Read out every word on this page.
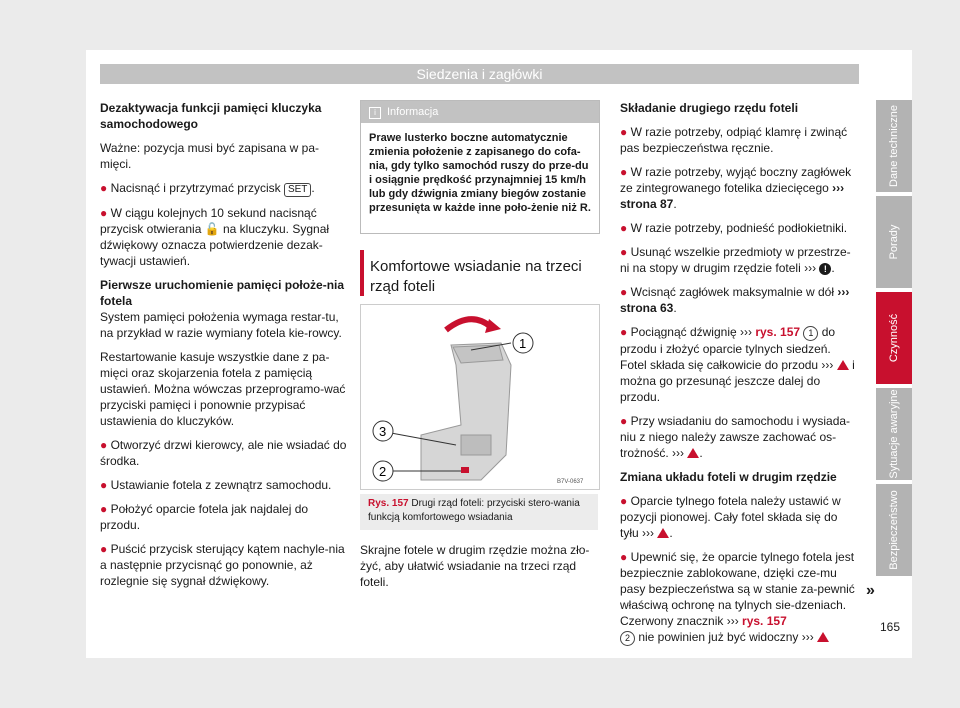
Siedzenia i zagłówki

Dezaktywacja funkcji pamięci kluczyka samochodowego

Ważne: pozycja musi być zapisana w pa-mięci.

● Nacisnąć i przytrzymać przycisk SET .

● W ciągu kolejnych 10 sekund nacisnąć przycisk otwierania 🔓 na kluczyku. Sygnał dźwiękowy oznacza potwierdzenie dezak-tywacji ustawień.

Pierwsze uruchomienie pamięci położe-nia fotela

System pamięci położenia wymaga restar-tu, na przykład w razie wymiany fotela kie-rowcy.

Restartowanie kasuje wszystkie dane z pa-mięci oraz skojarzenia fotela z pamięcią ustawień. Można wówczas przeprogramo-wać przyciski pamięci i ponownie przypisać ustawienia do kluczyków.

● Otworzyć drzwi kierowcy, ale nie wsiadać do środka.

● Ustawianie fotela z zewnątrz samochodu.

● Położyć oparcie fotela jak najdalej do przodu.

● Puścić przycisk sterujący kątem nachyle-nia a następnie przycisnąć go ponownie, aż rozlegnie się sygnał dźwiękowy.

i Informacja
Prawe lusterko boczne automatycznie zmienia położenie z zapisanego do cofa-nia, gdy tylko samochód ruszy do prze-du i osiągnie prędkość przynajmniej 15 km/h lub gdy dźwignia zmiany biegów zostanie przesunięta w każde inne poło-żenie niż R.
Komfortowe wsiadanie na trzeci rząd foteli
1
3
2
B7V-0637
Rys. 157 Drugi rząd foteli: przyciski stero-wania funkcją komfortowego wsiadania

Skrajne fotele w drugim rzędzie można zło-żyć, aby ułatwić wsiadanie na trzeci rząd foteli.

Składanie drugiego rzędu foteli

● W razie potrzeby, odpiąć klamrę i zwinąć pas bezpieczeństwa ręcznie.

● W razie potrzeby, wyjąć boczny zagłówek ze zintegrowanego fotelika dziecięcego ››› strona 87.

● W razie potrzeby, podnieść podłokietniki.

● Usunąć wszelkie przedmioty w przestrze-ni na stopy w drugim rzędzie foteli ››› ! .

● Wcisnąć zagłówek maksymalnie w dół ››› strona 63.

● Pociągnąć dźwignię ››› rys. 157 1 do przodu i złożyć oparcie tylnych siedzeń. Fotel składa się całkowicie do przodu ›››  i można go przesunąć jeszcze dalej do przodu.

● Przy wsiadaniu do samochodu i wysiada-niu z niego należy zawsze zachować os-trożność. ››› .

Zmiana układu foteli w drugim rzędzie

● Oparcie tylnego fotela należy ustawić w pozycji pionowej. Cały fotel składa się do tyłu ››› .

● Upewnić się, że oparcie tylnego fotela jest bezpiecznie zablokowane, dzięki cze-mu pasy bezpieczeństwa są w stanie za-pewnić właściwą ochronę na tylnych sie-dzeniach. Czerwony znacznik ››› rys. 157
2 nie powinien już być widoczny ›››

»
Dane techniczne
Porady
Czynność
Sytuacje awaryjne
Bezpieczeństwo
165
